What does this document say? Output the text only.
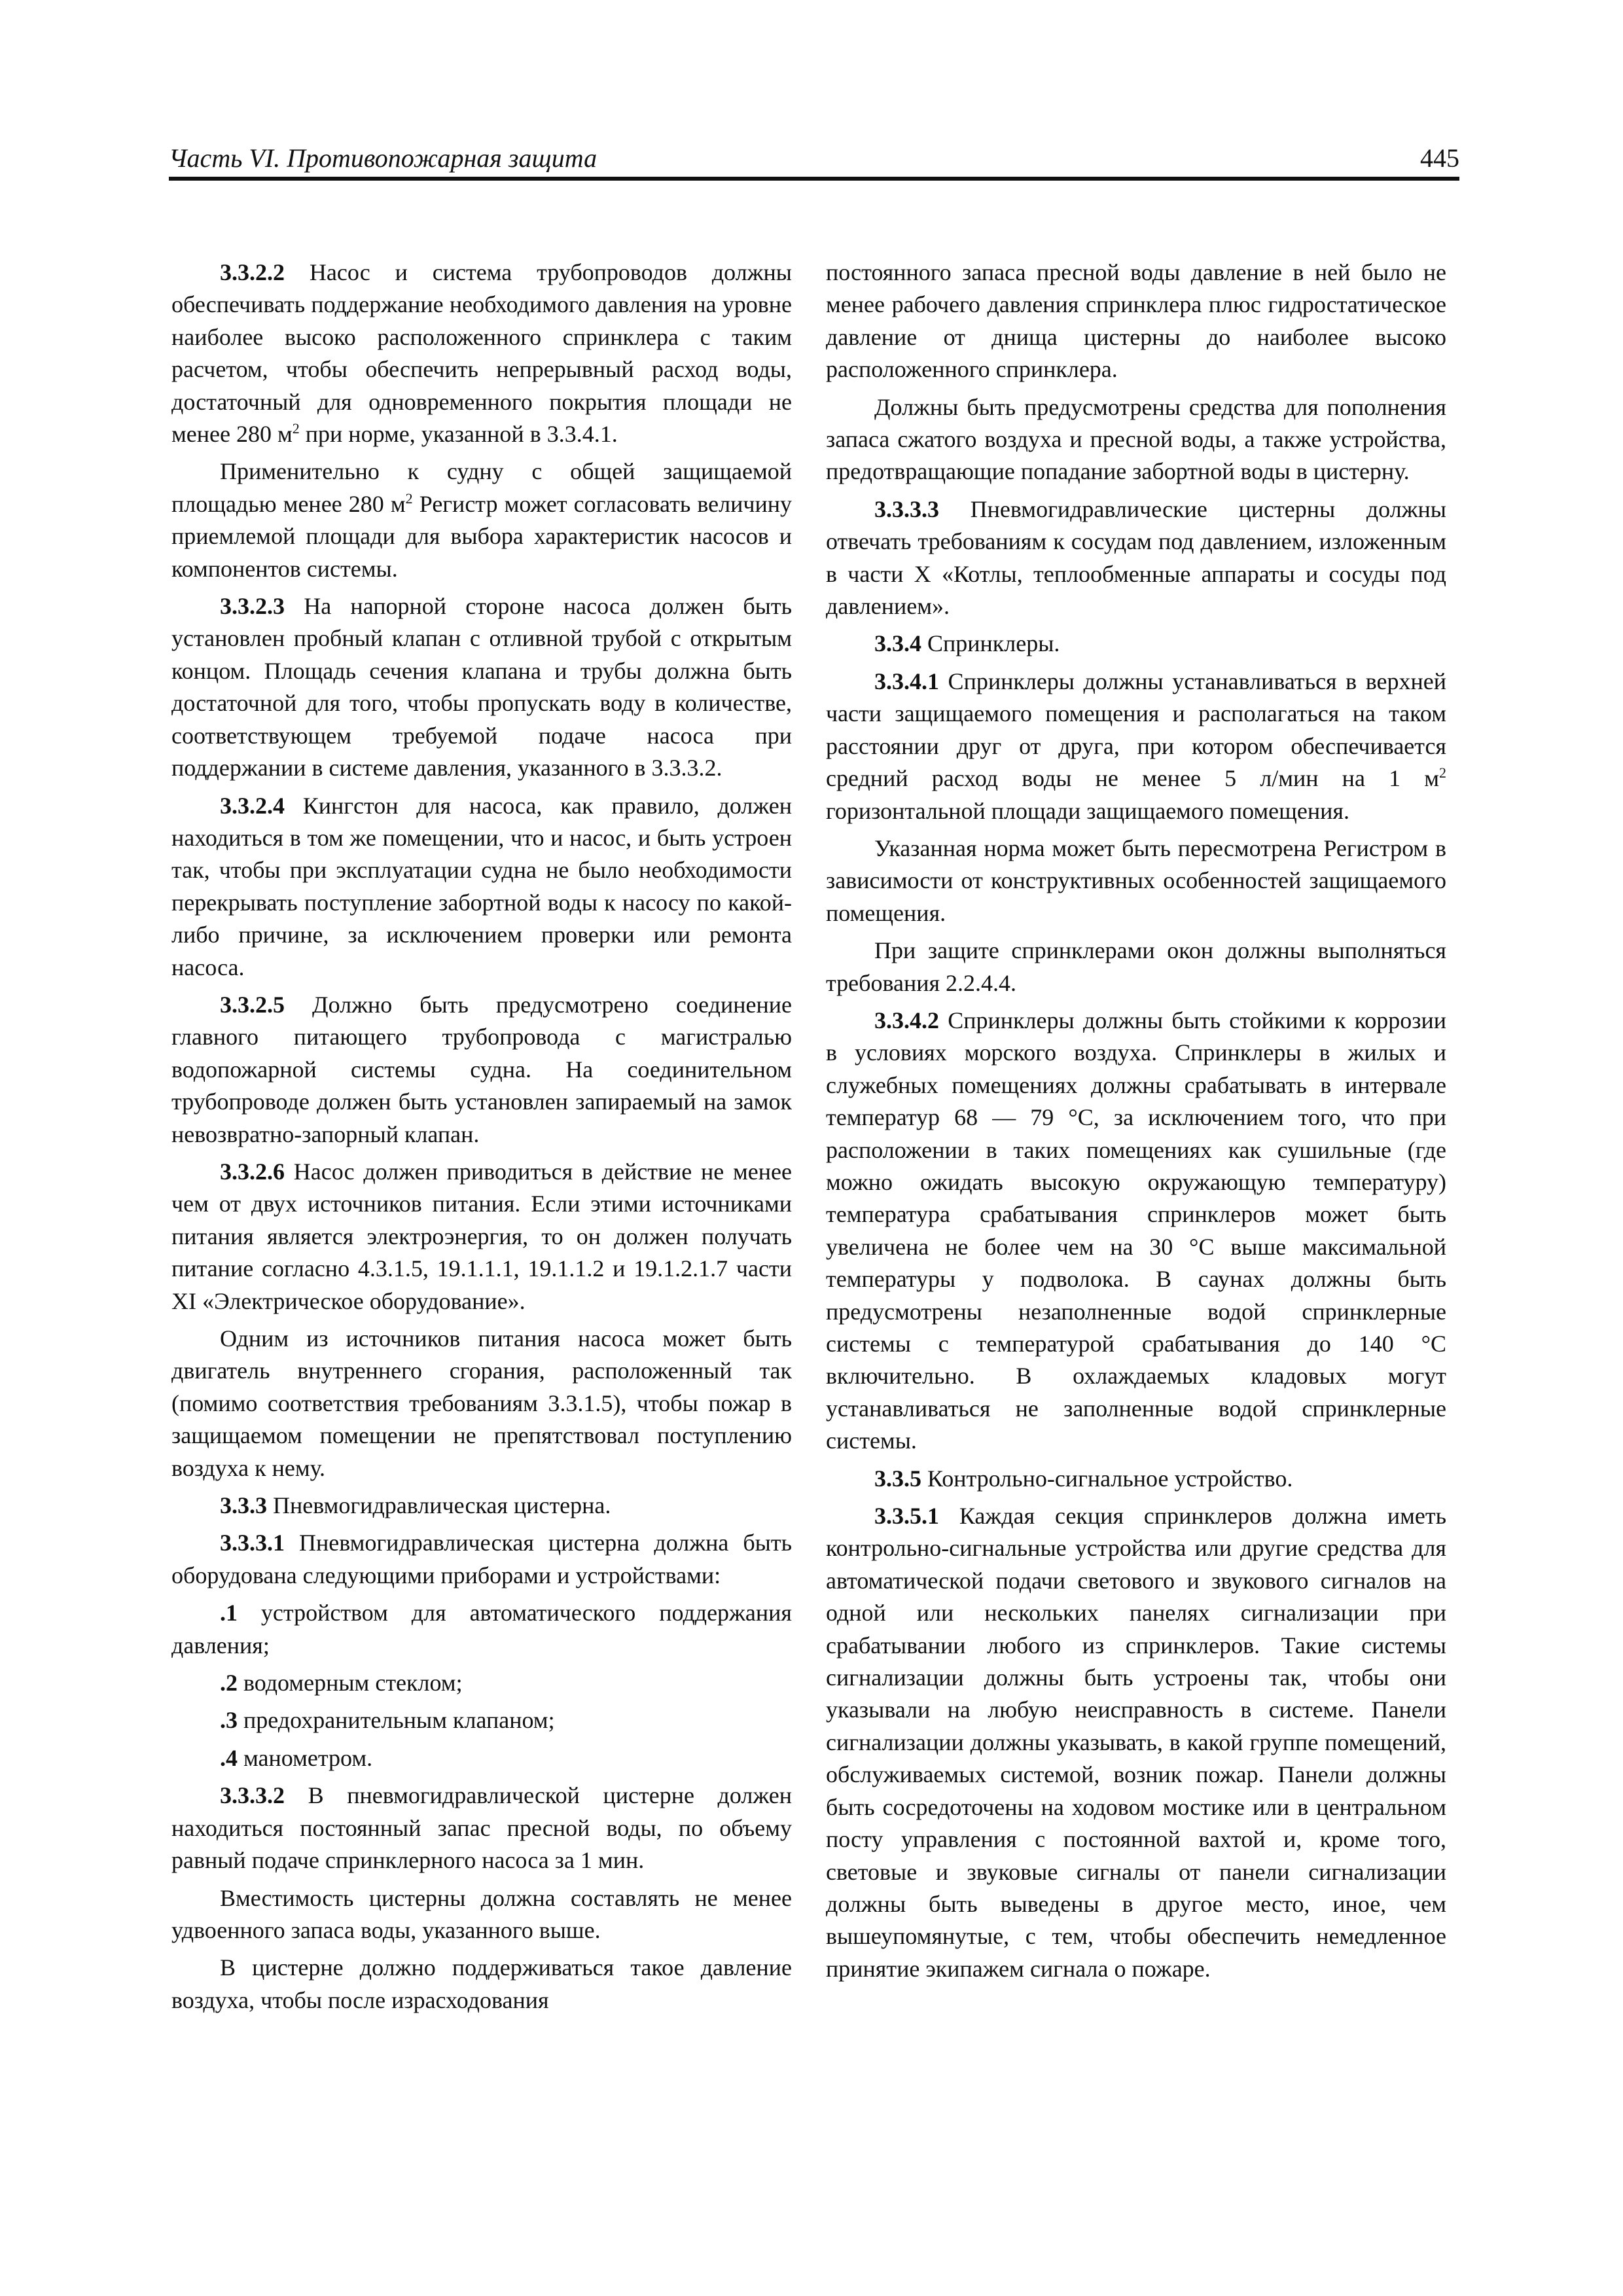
Часть VI. Противопожарная защита	445

3.3.2.2 Насос и система трубопроводов должны обеспечивать поддержание необходимого давления на уровне наиболее высоко расположенного спринклера с таким расчетом, чтобы обеспечить непрерывный расход воды, достаточный для одновременного покрытия площади не менее 280 $м^2$ при норме, указанной в 3.3.4.1.

Применительно к судну с общей защищаемой площадью менее 280 $м^2$ Регистр может согласовать величину приемлемой площади для выбора характеристик насосов и компонентов системы.

3.3.2.3 На напорной стороне насоса должен быть установлен пробный клапан с отливной трубой с открытым концом. Площадь сечения клапана и трубы должна быть достаточной для того, чтобы пропускать воду в количестве, соответствующем требуемой подаче насоса при поддержании в системе давления, указанного в 3.3.3.2.

3.3.2.4 Кингстон для насоса, как правило, должен находиться в том же помещении, что и насос, и быть устроен так, чтобы при эксплуатации судна не было необходимости перекрывать поступление забортной воды к насосу по какой-либо причине, за исключением проверки или ремонта насоса.

3.3.2.5 Должно быть предусмотрено соединение главного питающего трубопровода с магистралью водопожарной системы судна. На соединительном трубопроводе должен быть установлен запираемый на замок невозвратно-запорный клапан.

3.3.2.6 Насос должен приводиться в действие не менее чем от двух источников питания. Если этими источниками питания является электроэнергия, то он должен получать питание согласно 4.3.1.5, 19.1.1.1, 19.1.1.2 и 19.1.2.1.7 части XI «Электрическое оборудование».

Одним из источников питания насоса может быть двигатель внутреннего сгорания, расположенный так (помимо соответствия требованиям 3.3.1.5), чтобы пожар в защищаемом помещении не препятствовал поступлению воздуха к нему.

3.3.3 Пневмогидравлическая цистерна.

3.3.3.1 Пневмогидравлическая цистерна должна быть оборудована следующими приборами и устройствами:

.1 устройством для автоматического поддержания давления;

.2 водомерным стеклом;

.3 предохранительным клапаном;

.4 манометром.

3.3.3.2 В пневмогидравлической цистерне должен находиться постоянный запас пресной воды, по объему равный подаче спринклерного насоса за 1 мин.

Вместимость цистерны должна составлять не менее удвоенного запаса воды, указанного выше.

В цистерне должно поддерживаться такое давление воздуха, чтобы после израсходования

постоянного запаса пресной воды давление в ней было не менее рабочего давления спринклера плюс гидростатическое давление от днища цистерны до наиболее высоко расположенного спринклера.

Должны быть предусмотрены средства для пополнения запаса сжатого воздуха и пресной воды, а также устройства, предотвращающие попадание забортной воды в цистерну.

3.3.3.3 Пневмогидравлические цистерны должны отвечать требованиям к сосудам под давлением, изложенным в части X «Котлы, теплообменные аппараты и сосуды под давлением».

3.3.4 Спринклеры.

3.3.4.1 Спринклеры должны устанавливаться в верхней части защищаемого помещения и располагаться на таком расстоянии друг от друга, при котором обеспечивается средний расход воды не менее 5 л/мин на 1 $м^2$ горизонтальной площади защищаемого помещения.

Указанная норма может быть пересмотрена Регистром в зависимости от конструктивных особенностей защищаемого помещения.

При защите спринклерами окон должны выполняться требования 2.2.4.4.

3.3.4.2 Спринклеры должны быть стойкими к коррозии в условиях морского воздуха. Спринклеры в жилых и служебных помещениях должны срабатывать в интервале температур 68 — 79 °С, за исключением того, что при расположении в таких помещениях как сушильные (где можно ожидать высокую окружающую температуру) температура срабатывания спринклеров может быть увеличена не более чем на 30 °С выше максимальной температуры у подволока. В саунах должны быть предусмотрены незаполненные водой спринклерные системы с температурой срабатывания до 140 °С включительно. В охлаждаемых кладовых могут устанавливаться не заполненные водой спринклерные системы.

3.3.5 Контрольно-сигнальное устройство.

3.3.5.1 Каждая секция спринклеров должна иметь контрольно-сигнальные устройства или другие средства для автоматической подачи светового и звукового сигналов на одной или нескольких панелях сигнализации при срабатывании любого из спринклеров. Такие системы сигнализации должны быть устроены так, чтобы они указывали на любую неисправность в системе. Панели сигнализации должны указывать, в какой группе помещений, обслуживаемых системой, возник пожар. Панели должны быть сосредоточены на ходовом мостике или в центральном посту управления с постоянной вахтой и, кроме того, световые и звуковые сигналы от панели сигнализации должны быть выведены в другое место, иное, чем вышеупомянутые, с тем, чтобы обеспечить немедленное принятие экипажем сигнала о пожаре.
